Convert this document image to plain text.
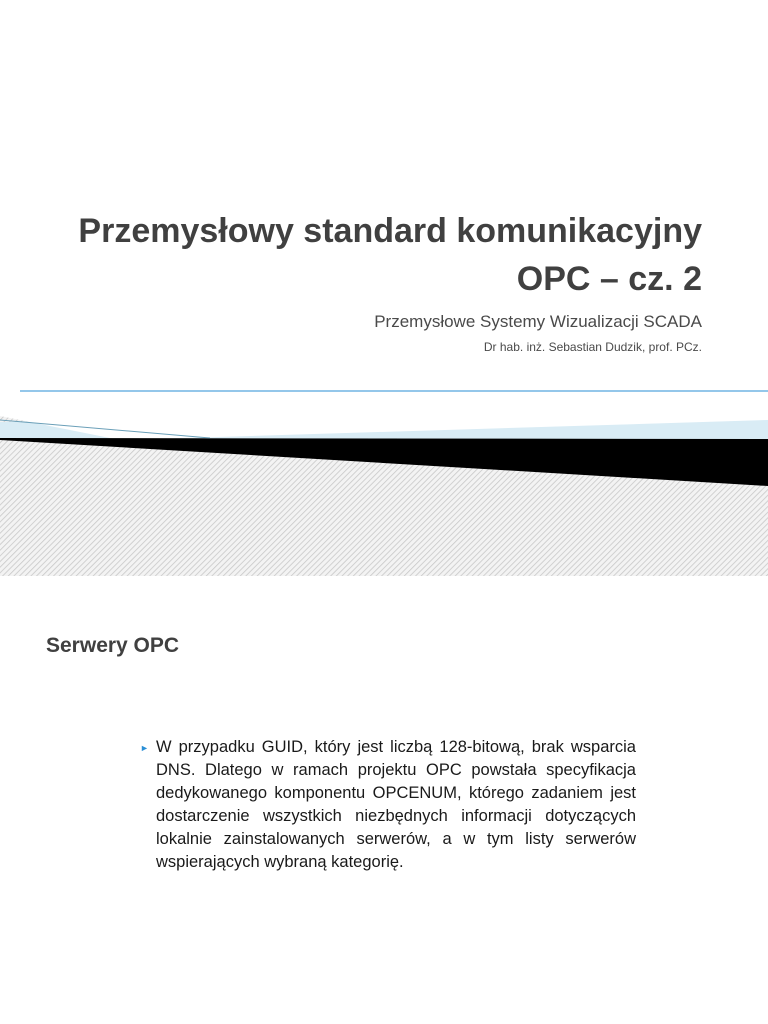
Przemysłowy standard komunikacyjny
OPC – cz. 2
Przemysłowe Systemy Wizualizacji SCADA
Dr hab. inż. Sebastian Dudzik, prof. PCz.
Serwery OPC
► W przypadku GUID, który jest liczbą 128-bitową, brak wsparcia DNS. Dlatego w ramach projektu OPC powstała specyfikacja dedykowanego komponentu OPCENUM, którego zadaniem jest dostarczenie wszystkich niezbędnych informacji dotyczących lokalnie zainstalowanych serwerów, a w tym listy serwerów wspierających wybraną kategorię.
